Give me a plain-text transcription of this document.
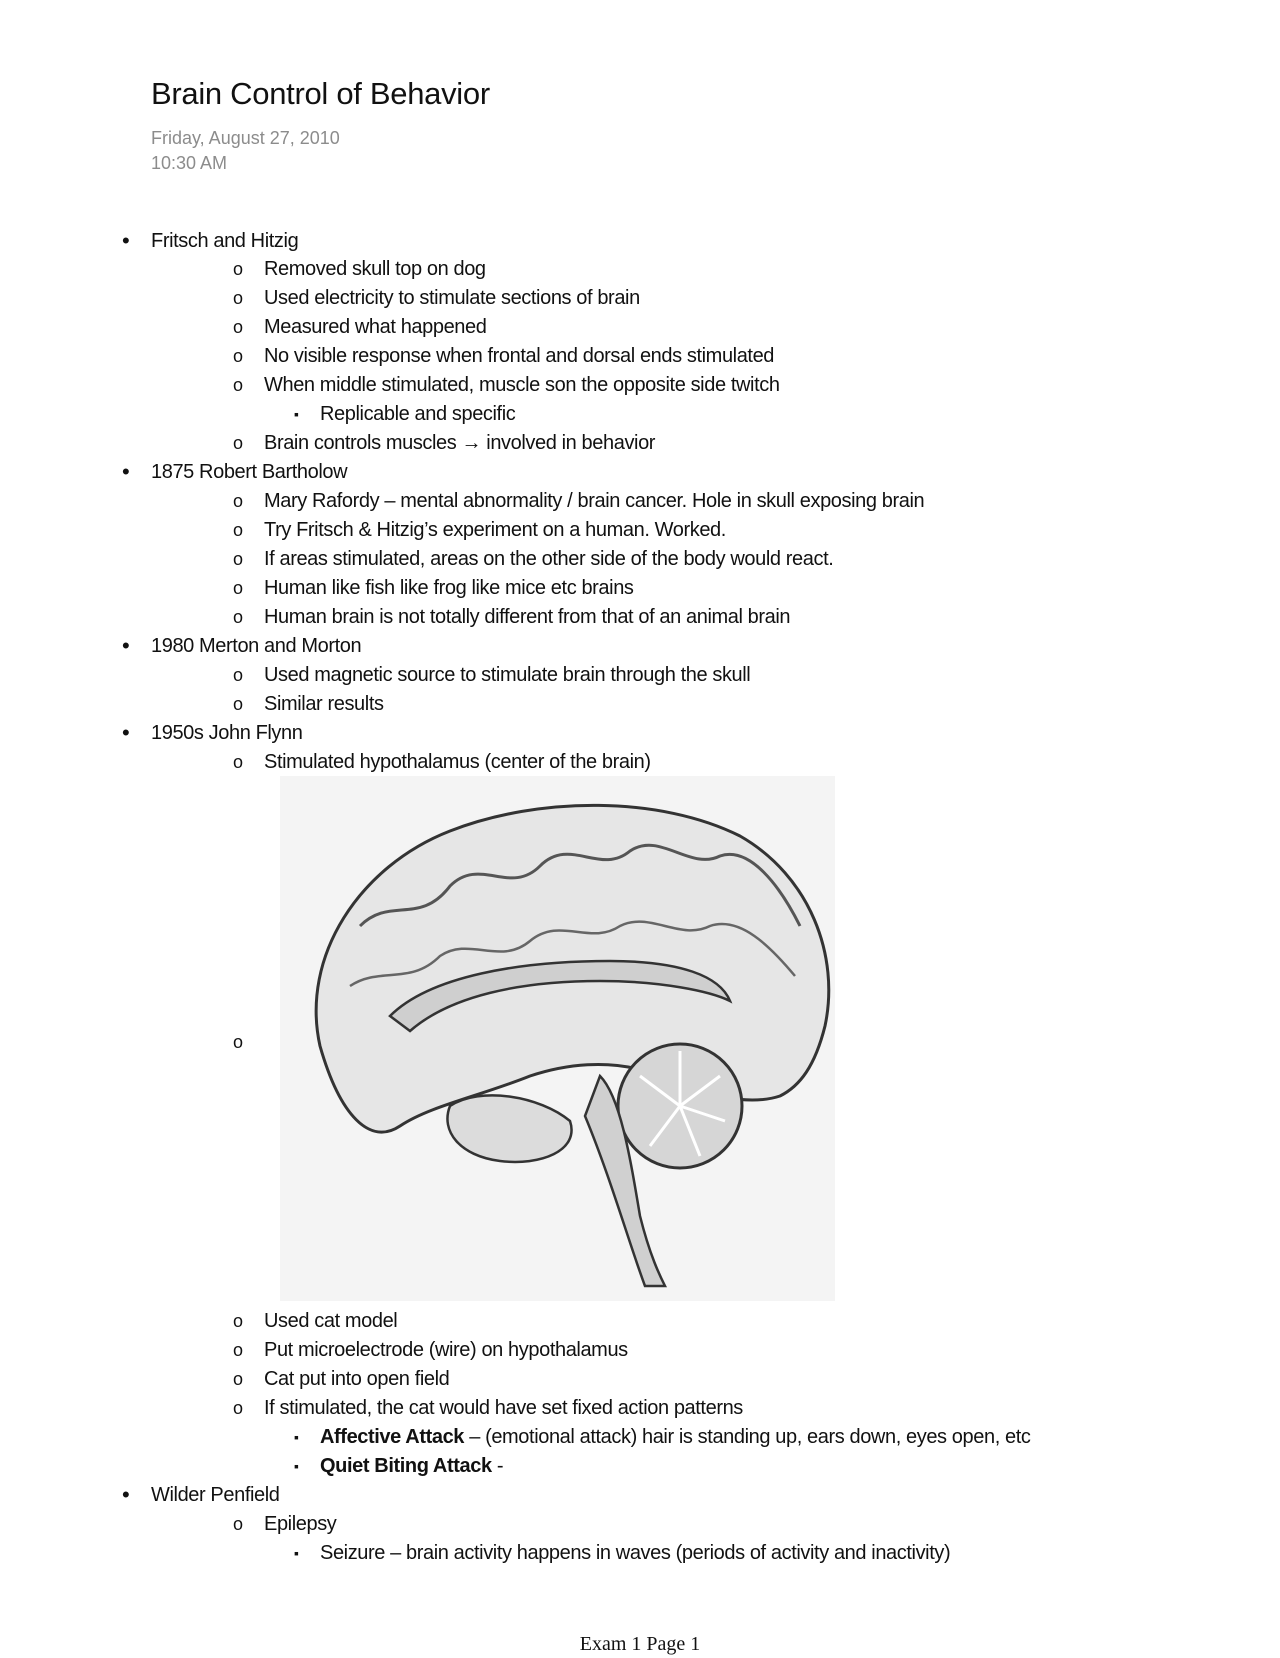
Brain Control of Behavior
Friday, August 27, 2010
10:30 AM
• Fritsch and Hitzig
o Removed skull top on dog
o Used electricity to stimulate sections of brain
o Measured what happened
o No visible response when frontal and dorsal ends stimulated
o When middle stimulated, muscle son the opposite side twitch
▪ Replicable and specific
o Brain controls muscles → involved in behavior
• 1875 Robert Bartholow
o Mary Rafordy – mental abnormality / brain cancer. Hole in skull exposing brain
o Try Fritsch & Hitzig’s experiment on a human. Worked.
o If areas stimulated, areas on the other side of the body would react.
o Human like fish like frog like mice etc brains
o Human brain is not totally different from that of an animal brain
• 1980 Merton and Morton
o Used magnetic source to stimulate brain through the skull
o Similar results
• 1950s John Flynn
o Stimulated hypothalamus (center of the brain)
o
o Used cat model
o Put microelectrode (wire) on hypothalamus
o Cat put into open field
o If stimulated, the cat would have set fixed action patterns
▪ Affective Attack – (emotional attack) hair is standing up, ears down, eyes open, etc
▪ Quiet Biting Attack -
• Wilder Penfield
o Epilepsy
▪ Seizure – brain activity happens in waves (periods of activity and inactivity)
Exam 1 Page 1
